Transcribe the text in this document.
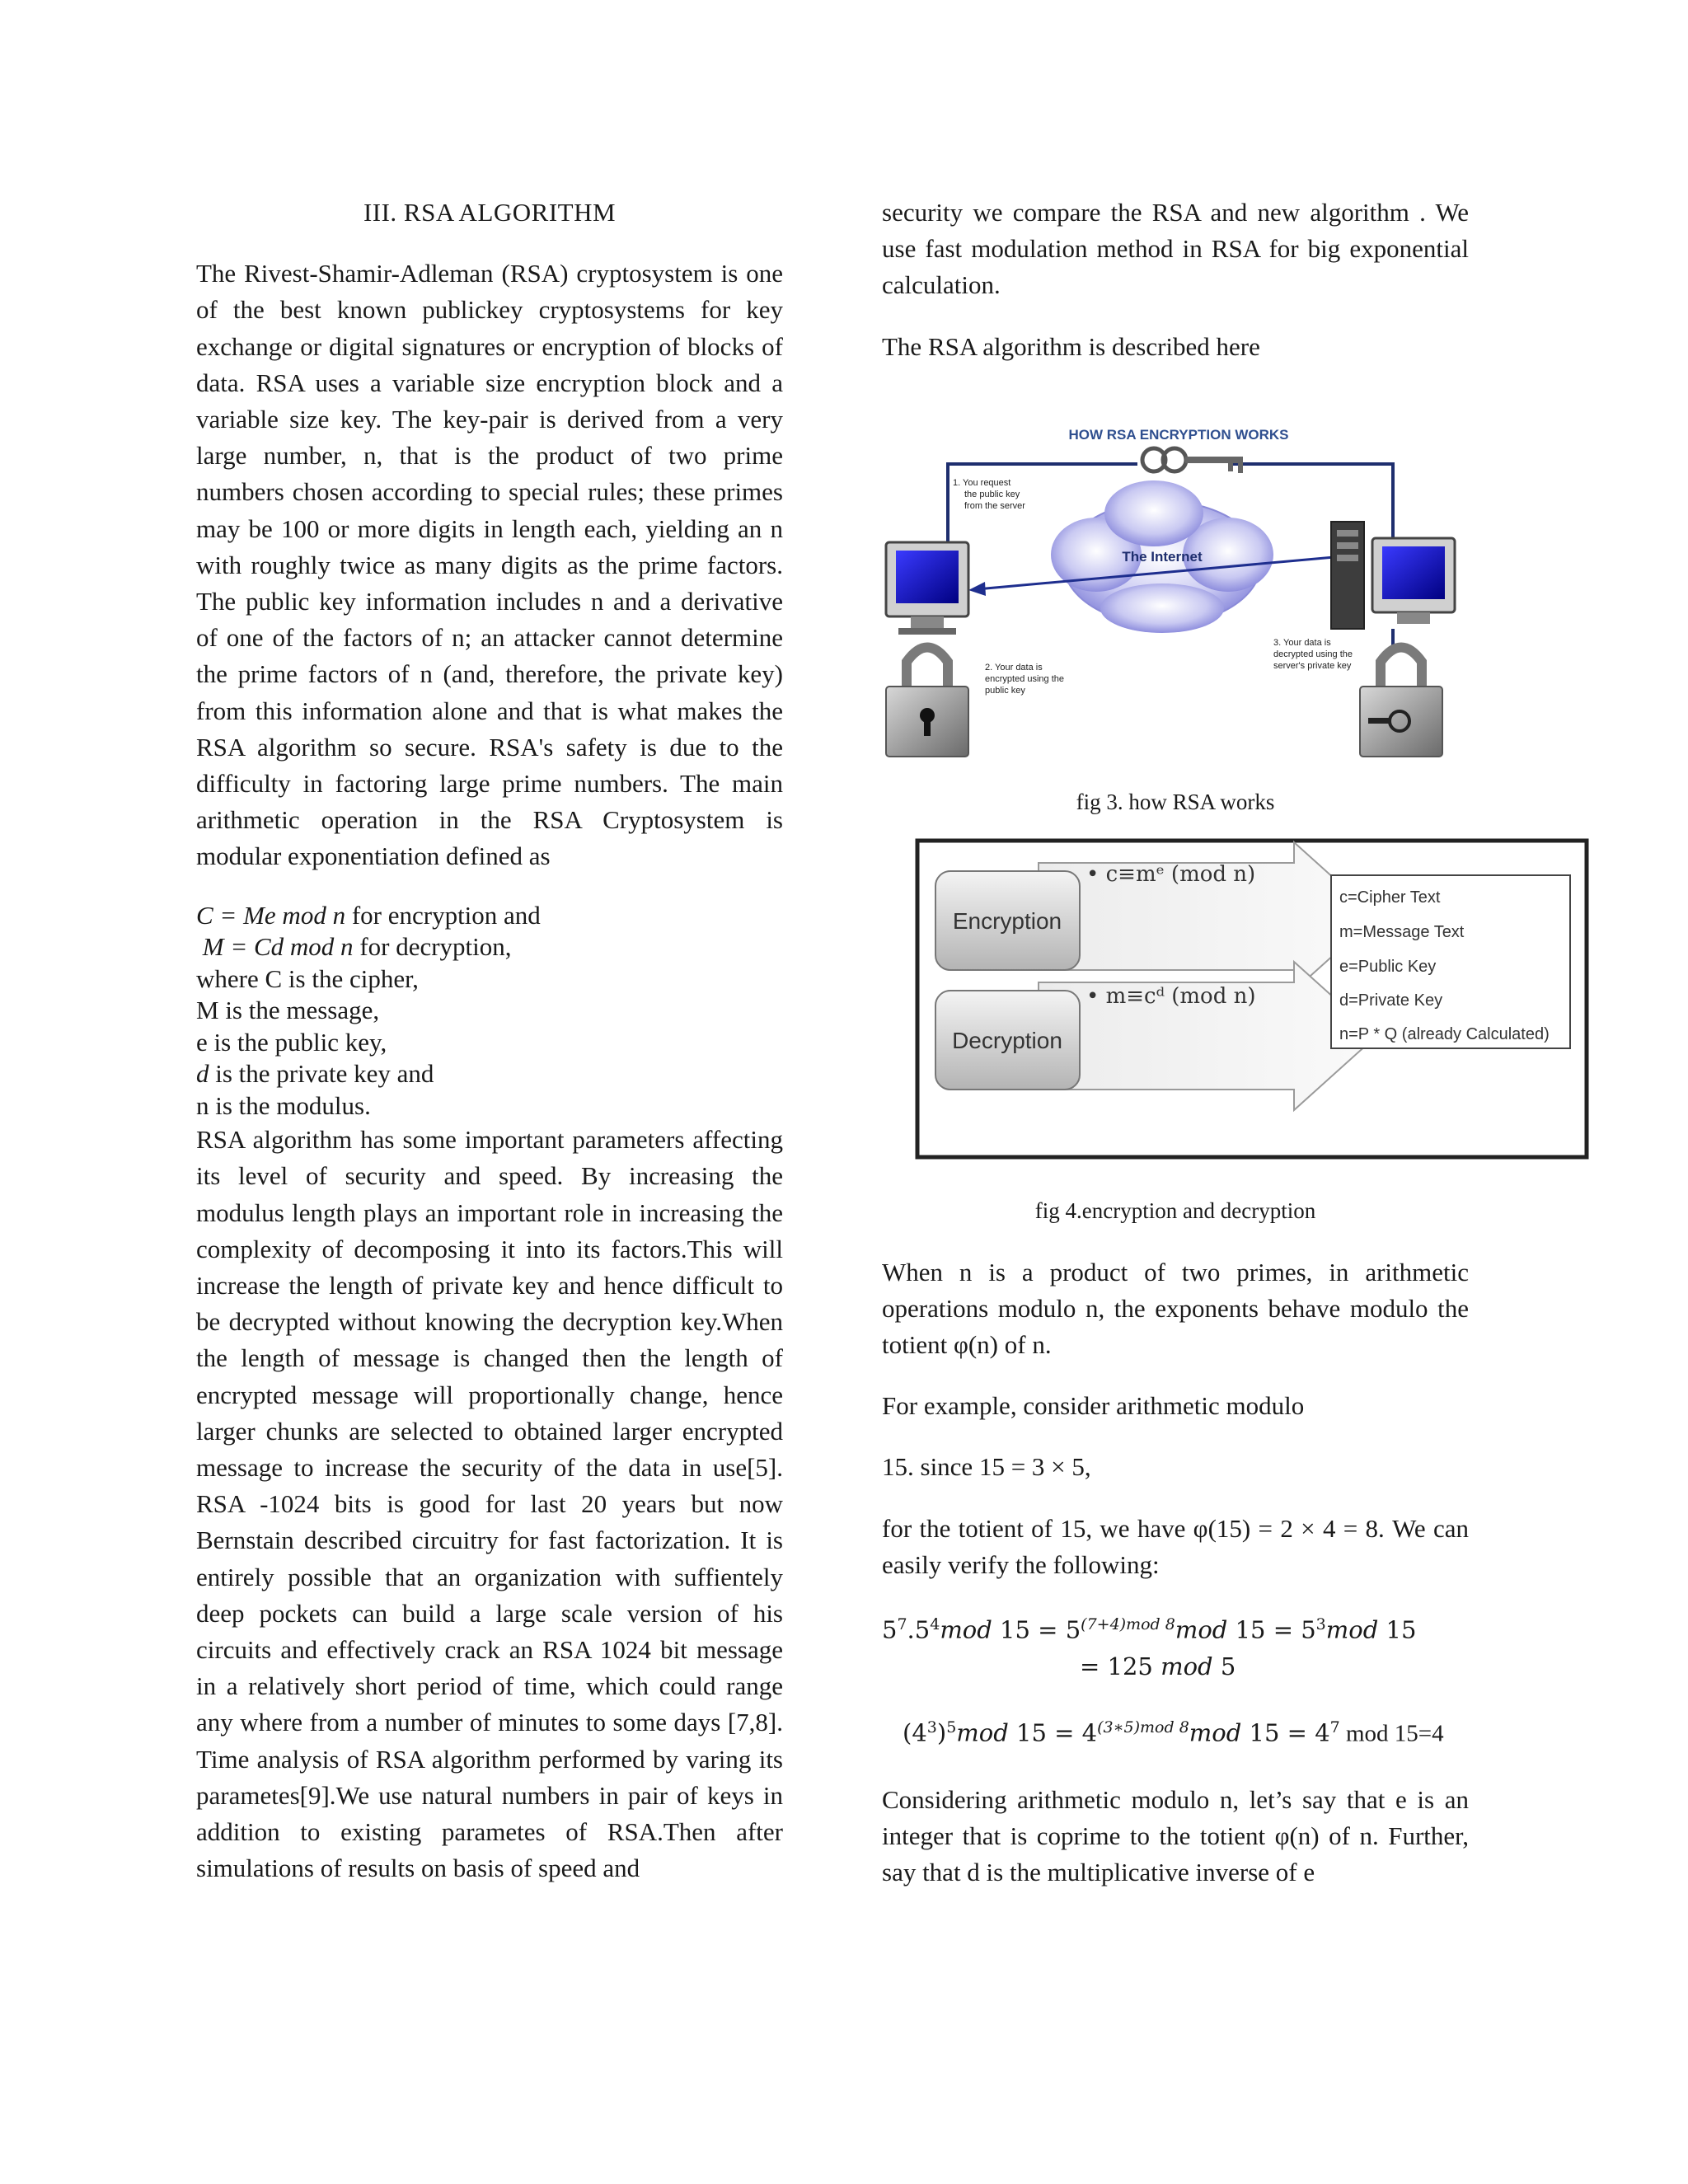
III. RSA ALGORITHM

The Rivest-Shamir-Adleman (RSA) cryptosystem is one of the best known publickey cryptosystems for key exchange or digital signatures or encryption of blocks of data. RSA uses a variable size encryption block and a variable size key. The key-pair is derived from a very large number, n, that is the product of two prime numbers chosen according to special rules; these primes may be 100 or more digits in length each, yielding an n with roughly twice as many digits as the prime factors. The public key information includes n and a derivative of one of the factors of n; an attacker cannot determine the prime factors of n (and, therefore, the private key) from this information alone and that is what makes the RSA algorithm so secure. RSA's safety is due to the difficulty in factoring large prime numbers. The main arithmetic operation in the RSA Cryptosystem is modular exponentiation defined as

C = Me mod n for encryption and
M = Cd mod n for decryption,
where C is the cipher,
M is the message,
e is the public key,
d is the private key and
n is the modulus.

RSA algorithm has some important parameters affecting its level of security and speed. By increasing the modulus length plays an important role in increasing the complexity of decomposing it into its factors.This will increase the length of private key and hence difficult to be decrypted without knowing the decryption key.When the length of message is changed then the length of encrypted message will proportionally change, hence larger chunks are selected to obtained larger encrypted message to increase the security of the data in use[5]. RSA -1024 bits is good for last 20 years but now Bernstain described circuitry for fast factorization. It is entirely possible that an organization with suffientely deep pockets can build a large scale version of his circuits and effectively crack an RSA 1024 bit message in a relatively short period of time, which could range any where from a number of minutes to some days [7,8]. Time analysis of RSA algorithm performed by varing its parametes[9].We use natural numbers in pair of keys in addition to existing parametes of RSA.Then after simulations of results on basis of speed and

security we compare the RSA and new algorithm . We use fast modulation method in RSA for big exponential calculation.

The RSA algorithm is described here

HOW RSA ENCRYPTION WORKS
1. You request the public key from the server
The Internet
2. Your data is encrypted using the public key
3. Your data is decrypted using the server's private key
fig 3. how RSA works
Encryption
Decryption
• c≡mᵉ (mod n)
• m≡cᵈ (mod n)
c=Cipher Text m=Message Text e=Public Key d=Private Key n=P * Q (already Calculated)
fig 4.encryption and decryption

When n is a product of two primes, in arithmetic operations modulo n, the exponents behave modulo the totient φ(n) of n.

For example, consider arithmetic modulo

15. since 15 = 3 × 5,

for the totient of 15, we have φ(15) = 2 × 4 = 8. We can easily verify the following:

$5^7.5^4mod$ $15 = 5^{(7+4)mod 8}mod$ $15 = 5^3mod$ 15
= 125 mod 5
$(4^3)^5mod$ $15 = 4^{(3∗5)mod 8}mod$ $15 = 4^7$ mod 15=4

Considering arithmetic modulo n, let’s say that e is an integer that is coprime to the totient φ(n) of n. Further, say that d is the multiplicative inverse of e
